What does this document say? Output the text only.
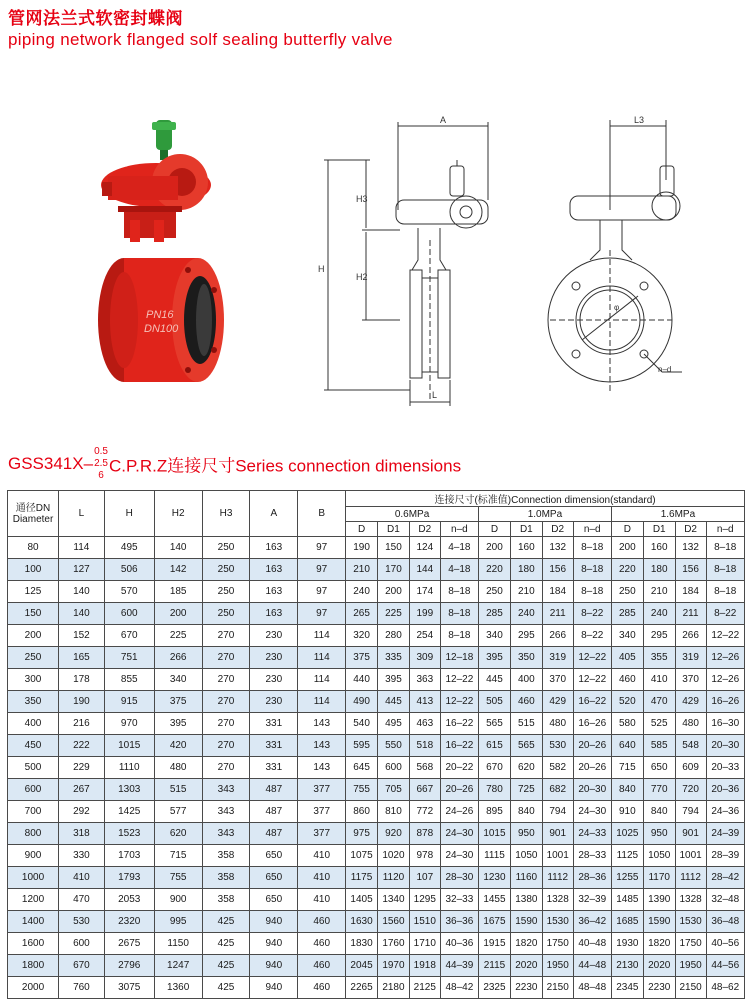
管网法兰式软密封蝶阀
piping network flanged solf sealing butterfly valve
PN16
DN100
A
H
H3
H2
L
L3
φ
n–d
GSS341X–
0.5
2.5
6 C.P.R.Z连接尺寸Series connection dimensions
通径DN
Diameter	L	H	H2	H3	A	B	连接尺寸(标准值)Connection dimension(standard)											
							0.6MPa				1.0MPa				1.6MPa			
							D	D1	D2	n–d	D	D1	D2	n–d	D	D1	D2	n–d
80	114	495	140	250	163	97	190	150	124	4–18	200	160	132	8–18	200	160	132	8–18
100	127	506	142	250	163	97	210	170	144	4–18	220	180	156	8–18	220	180	156	8–18
125	140	570	185	250	163	97	240	200	174	8–18	250	210	184	8–18	250	210	184	8–18
150	140	600	200	250	163	97	265	225	199	8–18	285	240	211	8–22	285	240	211	8–22
200	152	670	225	270	230	114	320	280	254	8–18	340	295	266	8–22	340	295	266	12–22
250	165	751	266	270	230	114	375	335	309	12–18	395	350	319	12–22	405	355	319	12–26
300	178	855	340	270	230	114	440	395	363	12–22	445	400	370	12–22	460	410	370	12–26
350	190	915	375	270	230	114	490	445	413	12–22	505	460	429	16–22	520	470	429	16–26
400	216	970	395	270	331	143	540	495	463	16–22	565	515	480	16–26	580	525	480	16–30
450	222	1015	420	270	331	143	595	550	518	16–22	615	565	530	20–26	640	585	548	20–30
500	229	1110	480	270	331	143	645	600	568	20–22	670	620	582	20–26	715	650	609	20–33
600	267	1303	515	343	487	377	755	705	667	20–26	780	725	682	20–30	840	770	720	20–36
700	292	1425	577	343	487	377	860	810	772	24–26	895	840	794	24–30	910	840	794	24–36
800	318	1523	620	343	487	377	975	920	878	24–30	1015	950	901	24–33	1025	950	901	24–39
900	330	1703	715	358	650	410	1075	1020	978	24–30	1115	1050	1001	28–33	1125	1050	1001	28–39
1000	410	1793	755	358	650	410	1175	1120	107	28–30	1230	1160	1112	28–36	1255	1170	1112	28–42
1200	470	2053	900	358	650	410	1405	1340	1295	32–33	1455	1380	1328	32–39	1485	1390	1328	32–48
1400	530	2320	995	425	940	460	1630	1560	1510	36–36	1675	1590	1530	36–42	1685	1590	1530	36–48
1600	600	2675	1150	425	940	460	1830	1760	1710	40–36	1915	1820	1750	40–48	1930	1820	1750	40–56
1800	670	2796	1247	425	940	460	2045	1970	1918	44–39	2115	2020	1950	44–48	2130	2020	1950	44–56
2000	760	3075	1360	425	940	460	2265	2180	2125	48–42	2325	2230	2150	48–48	2345	2230	2150	48–62
